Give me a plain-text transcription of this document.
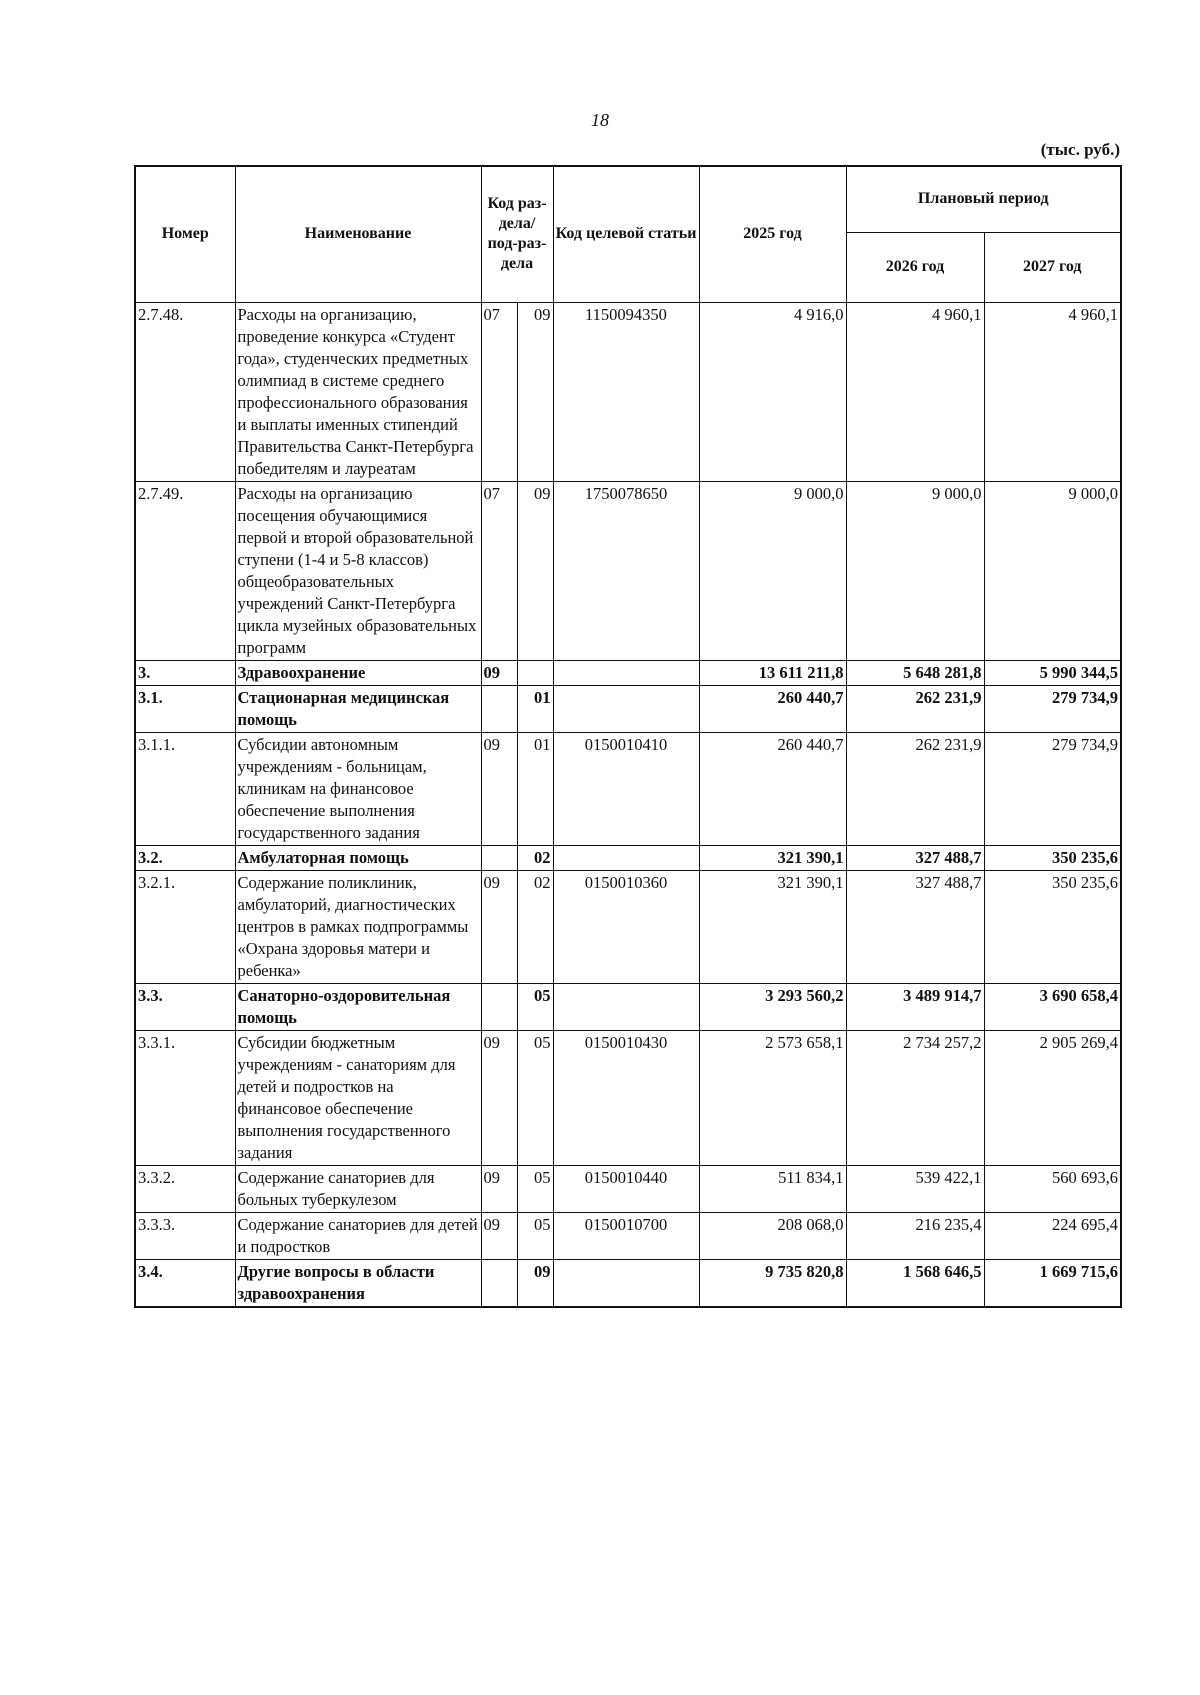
18
(тыс. руб.)
Номер	Наименование	Код раз-дела/ под-раз-дела		Код целевой статьи	2025 год	Плановый период	
						2026 год	2027 год
2.7.48.	Расходы на организацию, проведение конкурса «Студент года», студенческих предметных олимпиад в системе среднего профессионального образования и выплаты именных стипендий Правительства Санкт-Петербурга победителям и лауреатам	07	09	1150094350	4 916,0	4 960,1	4 960,1
2.7.49.	Расходы на организацию посещения обучающимися первой и второй образовательной ступени (1-4 и 5-8 классов) общеобразовательных учреждений Санкт-Петербурга цикла музейных образовательных программ	07	09	1750078650	9 000,0	9 000,0	9 000,0
3.	Здравоохранение	09			13 611 211,8	5 648 281,8	5 990 344,5
3.1.	Стационарная медицинская помощь		01		260 440,7	262 231,9	279 734,9
3.1.1.	Субсидии автономным учреждениям - больницам, клиникам на финансовое обеспечение выполнения государственного задания	09	01	0150010410	260 440,7	262 231,9	279 734,9
3.2.	Амбулаторная помощь		02		321 390,1	327 488,7	350 235,6
3.2.1.	Содержание поликлиник, амбулаторий, диагностических центров в рамках подпрограммы «Охрана здоровья матери и ребенка»	09	02	0150010360	321 390,1	327 488,7	350 235,6
3.3.	Санаторно-оздоровительная помощь		05		3 293 560,2	3 489 914,7	3 690 658,4
3.3.1.	Субсидии бюджетным учреждениям - санаториям для детей и подростков на финансовое обеспечение выполнения государственного задания	09	05	0150010430	2 573 658,1	2 734 257,2	2 905 269,4
3.3.2.	Содержание санаториев для больных туберкулезом	09	05	0150010440	511 834,1	539 422,1	560 693,6
3.3.3.	Содержание санаториев для детей и подростков	09	05	0150010700	208 068,0	216 235,4	224 695,4
3.4.	Другие вопросы в области здравоохранения		09		9 735 820,8	1 568 646,5	1 669 715,6
